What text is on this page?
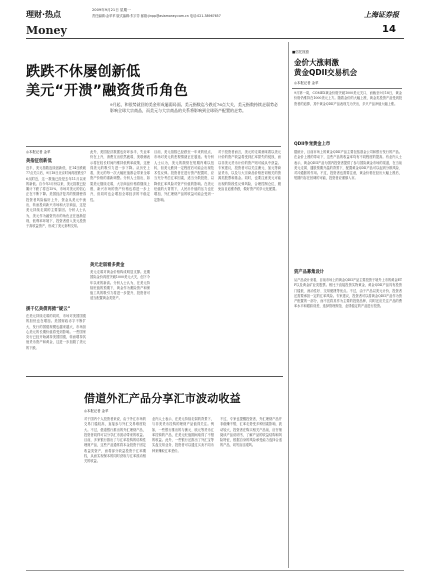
理财·热点	2009年9月21日 星期一
责任编辑:金苹苹 版式编辑:朱宇芳 邮箱:jinpp@asiamoney.com.cn 电话:021-38967657	上海证券报
Money	14
跌跌不休屡创新低
美元“开溃”融资货币角色
9月起，和很势就回的美金形成屡弱局面。美元指数迄今跌近76点大关，美元指数持续走弱势必影响全球大宗商品，而美元与大宗商品的关系将影响到全球资产配置的走势。
◎本报记者 金苹
美指征创新低
近半，美元指数连续创新低，在14日跌破77点关口后，9月18日北京时间再度跌至76点附近，这一数值已经是去年11月以来的新低。自今年3月份以来，美元指数已经累计下跌了将近15%，市场对美元的信心正在不断下降。美国经济复苏的预期使得投资者风险偏好上升，资金从美元中流出，转而投向新兴市场和大宗商品，这是美元持续走弱的主要原因。分析人士认为，美元作为融资货币的角色正在逐渐显现，低利率环境下，投资者借入美元投资于高收益资产，形成了美元套利交易。
援千亿美债再掀“疑云”
在美元持续走弱的同时，市场对美国国债的担忧也在增加。美国财政赤字不断扩大，发行的国债规模也越来越大，市场担心美元的长期价值将受到影响。一些国家央行已经开始减持美国国债，转而增持其他货币资产和黄金，这进一步加剧了美元的下跌。
此外，美国经济数据也好坏参半，失业率仍在上升，消费支出依然疲弱，美联储表示将在较长时间内维持低利率政策，这使得美元的吸引力进一步下降。从历史上看，美元的每一次大幅贬值都会带来全球资产价格的重新调整。分析人士指出，如果美元继续走弱，大宗商品价格将继续上涨，新兴市场的资产价格也将进一步上升，但同时也会增加全球经济的不稳定性。
美元走弱看多黄金
美元走弱对黄金价格构成明显支撑。近期国际金价再度突破1000美元大关，创下今年以来的新高。分析人士认为，在美元持续贬值的预期下，黄金作为避险资产和保值工具的吸引力将进一步提升，投资者可适当配置黄金类资产。
目前，美元指数已经跌至一年来的低点，市场对美元的悲观情绪正在蔓延。有分析人士认为，美元的颓势在短期内难以扭转，但美元跌到一定程度后可能会出现技术性反弹。投资者在进行资产配置时，应当充分考虑汇率因素，适当分散投资，以降低汇率风险对资产价值的影响。在美元贬值的大背景下，人民币升值的压力也在增加，外汇理财产品的收益可能会受到一定影响。
对于投资者而言，美元的走弱意味着以美元计价的资产收益将受到汇率损失的侵蚀，而以非美元货币计价的资产则可能从中获益。专家建议，投资者可以关注澳元、加元等商品货币，以及与大宗商品价格密切相关的资源类股票和基金。同时，也要注意美元可能出现的阶段性反弹风险，合理控制仓位，避免盲目追涨杀跌，做好资产的多元化配置。
借道外汇产品分享汇市波动收益
◎本报记者 金苹
对于国内个人投资者来说，由于外汇市场的交易门槛较高，直接参与外汇交易难度较大。不过，借道银行推出的外汇理财产品，投资者同样可以分享汇市波动带来的收益。目前，多家银行推出了与汇率挂钩的结构性理财产品，这些产品通常将本金投资于固定收益类资产，而将部分收益投资于汇率期权，从而实现保本的同时获取与汇率波动相关的收益。
业内人士表示，在美元持续走弱的背景下，与非美货币挂钩的理财产品值得关注。例如，一些银行推出的与澳元、欧元等货币汇率挂钩的产品，在美元贬值期间取得了不错的收益。此外，一些银行还推出了外汇宝等实盘交易业务，投资者可以通过买卖不同币种来赚取汇率差价。
不过，专家也提醒投资者，外汇理财产品并非稳赚不赔，汇率走势受多种因素影响，波动较大，投资者在购买相关产品前，应仔细阅读产品说明书，了解产品的收益结构和风险特征，根据自身的风险承受能力选择合适的产品，切勿盲目跟风。
■信托视窗
金价大涨刺激
黄金QDII交易机会
◎本报记者 金苹
9月第一周，COMEX黄金价格突破1000美元关口，而截至9月18日，黄金价格仍维持在1000美元上方。随着金价的大幅上涨，黄金类投资产品受到投资者的追捧，其中黄金QDII产品表现尤为突出，多只产品净值大幅上涨。
QDII争宠黄金上市
据统计，目前市场上的黄金QDII产品主要包括基金公司和银行发行的产品。在金价上涨的带动下，这些产品的收益率均有不同程度的提高。有业内人士表示，黄金QDII产品为国内投资者提供了参与国际黄金市场的渠道，在当前美元走弱、通胀预期升温的背景下，配置黄金QDII产品可以起到分散风险、对冲通胀的作用。不过，投资者也需要注意，黄金价格在经历大幅上涨后，短期内存在回调的可能，投资者应谨慎入市。
资产品募集设计
从产品设计来看，目前市场上的黄金QDII产品主要投资于境外上市的黄金ETF以及黄金矿业类股票。相比于直接投资实物黄金，黄金QDII产品具有投资门槛低、流动性好、交易便捷等优点。不过，由于产品以美元计价，投资者还需要承担一定的汇率风险。专家建议，投资者可以将黄金QDII产品作为资产配置的一部分，而不宜将其作为主要的投资品种，同时还应关注产品的费率水平和跟踪误差，选择管理规范、业绩稳定的产品进行投资。
